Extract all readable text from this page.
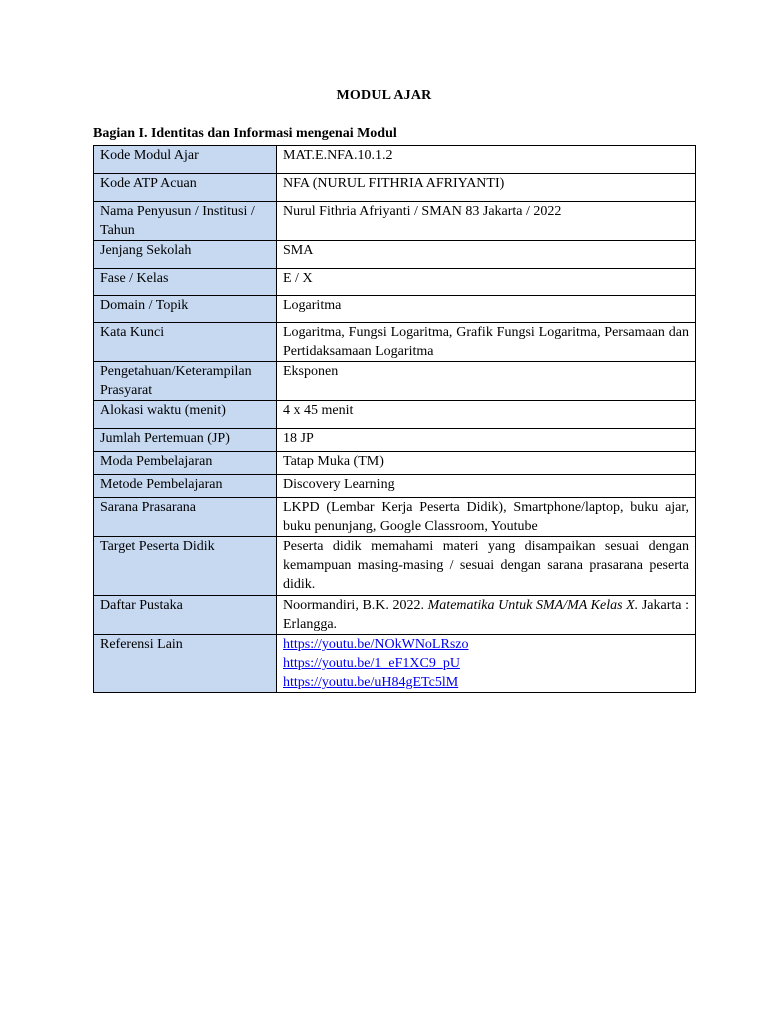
MODUL AJAR
Bagian I. Identitas dan Informasi mengenai Modul
Kode Modul Ajar	MAT.E.NFA.10.1.2
Kode ATP Acuan	NFA (NURUL FITHRIA AFRIYANTI)
Nama Penyusun / Institusi / Tahun	Nurul Fithria Afriyanti / SMAN 83 Jakarta / 2022
Jenjang Sekolah	SMA
Fase / Kelas	E / X
Domain / Topik	Logaritma
Kata Kunci	Logaritma, Fungsi Logaritma, Grafik Fungsi Logaritma, Persamaan dan Pertidaksamaan Logaritma
Pengetahuan/Keterampilan Prasyarat	Eksponen
Alokasi waktu (menit)	4 x 45 menit
Jumlah Pertemuan (JP)	18 JP
Moda Pembelajaran	Tatap Muka (TM)
Metode Pembelajaran	Discovery Learning
Sarana Prasarana	LKPD (Lembar Kerja Peserta Didik), Smartphone/laptop, buku ajar, buku penunjang, Google Classroom, Youtube
Target Peserta Didik	Peserta didik memahami materi yang disampaikan sesuai dengan kemampuan masing-masing / sesuai dengan sarana prasarana peserta didik.
Daftar Pustaka	Noormandiri, B.K. 2022. Matematika Untuk SMA/MA Kelas X. Jakarta : Erlangga.
Referensi Lain	https://youtu.be/NOkWNoLRszo
https://youtu.be/1_eF1XC9_pU
https://youtu.be/uH84gETc5lM
